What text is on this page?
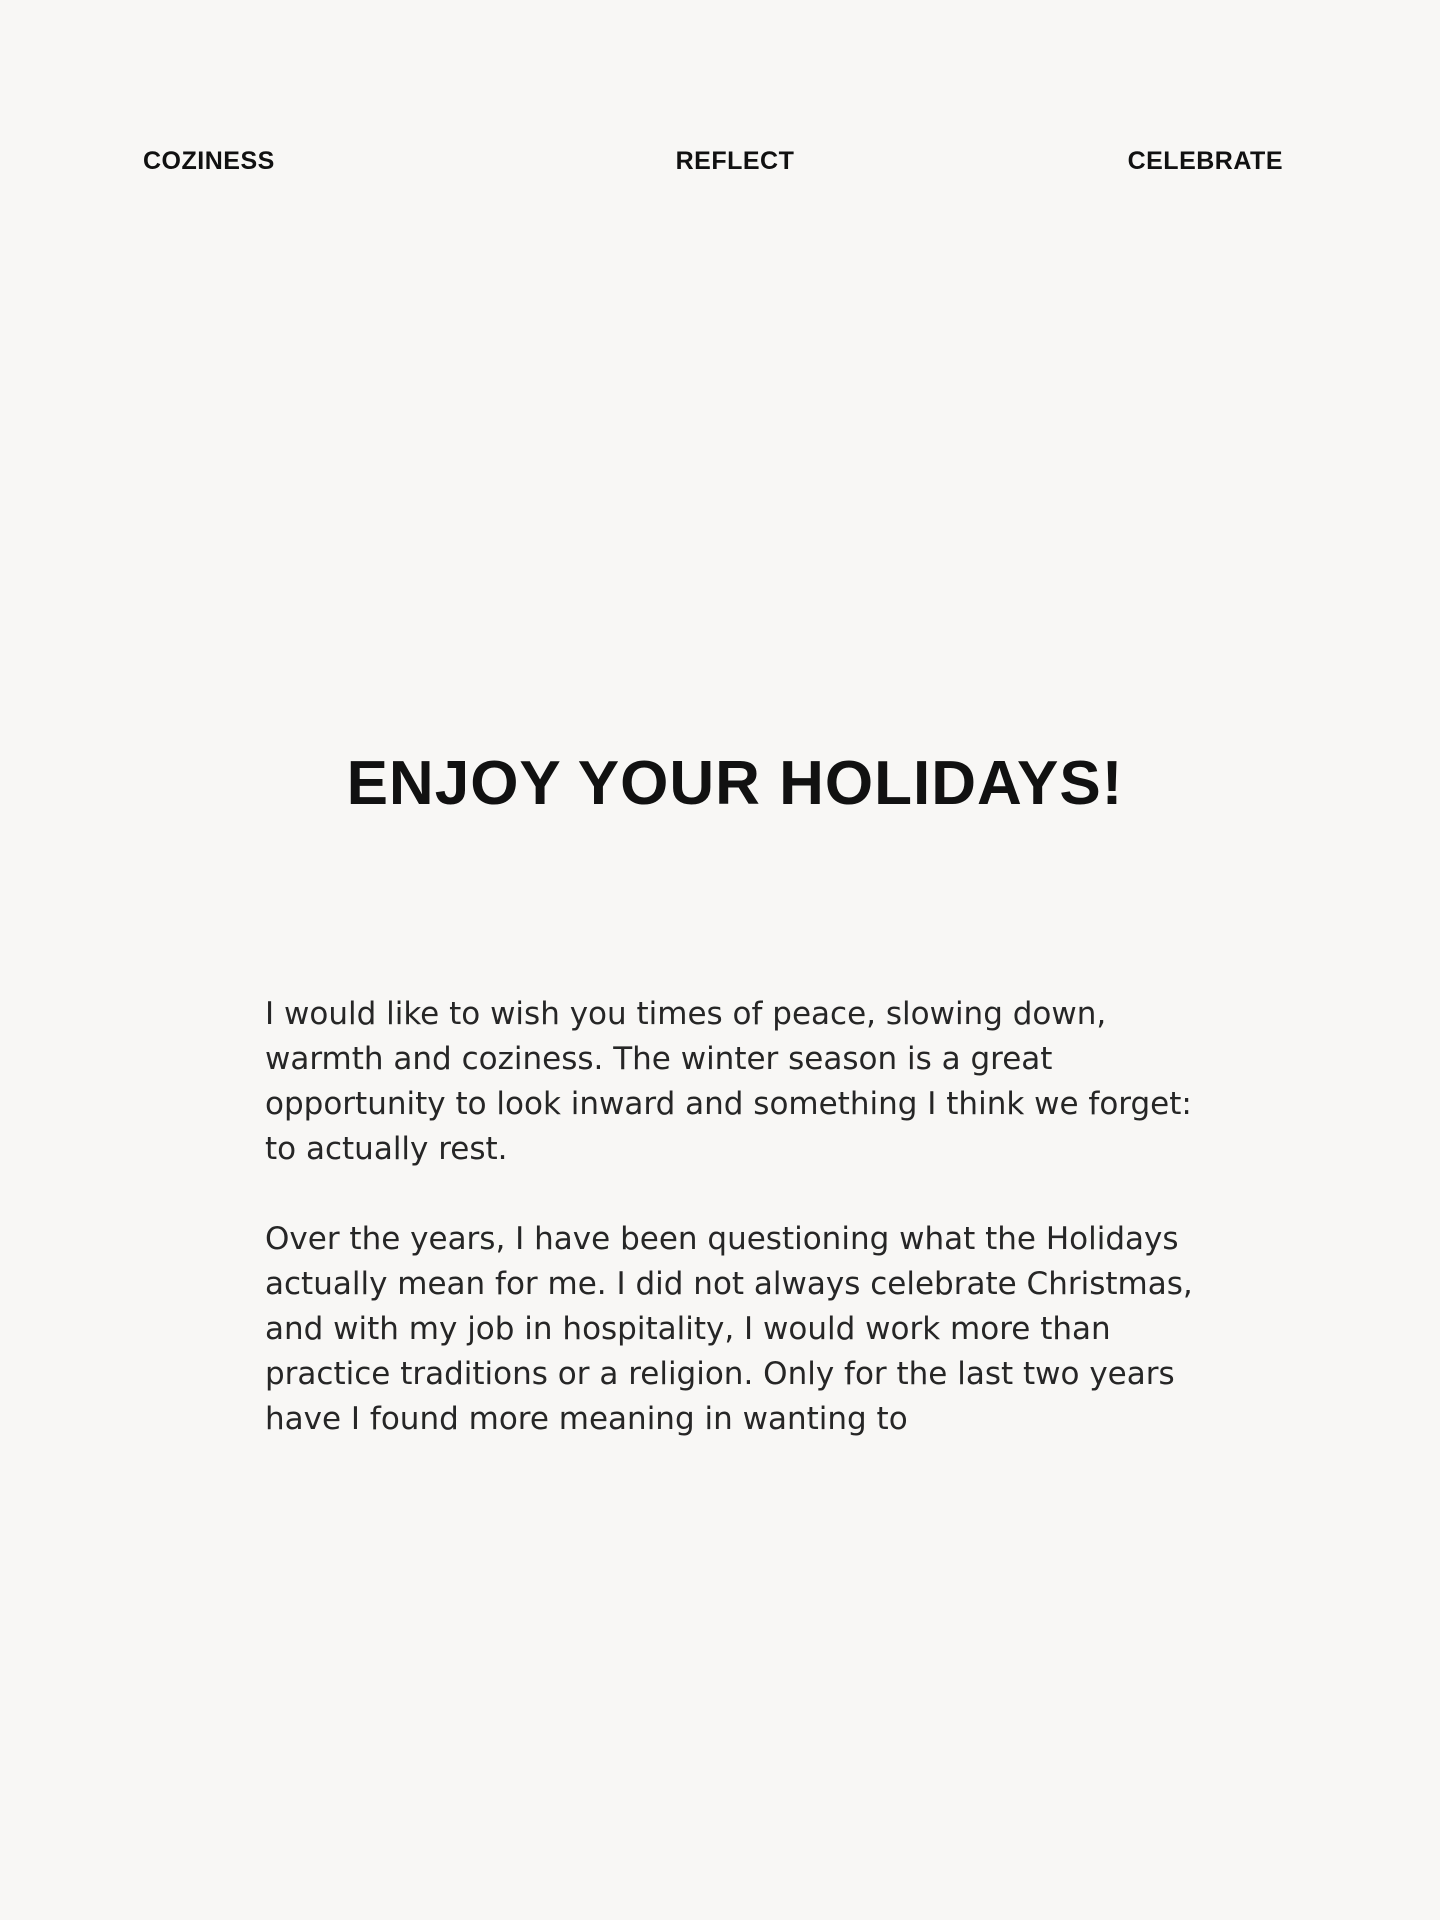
COZINESS	REFLECT	CELEBRATE
ENJOY YOUR HOLIDAYS!

I would like to wish you times of peace, slowing down, warmth and coziness. The winter season is a great opportunity to look inward and something I think we forget: to actually rest.

Over the years, I have been questioning what the Holidays actually mean for me. I did not always celebrate Christmas, and with my job in hospitality, I would work more than practice traditions or a religion. Only for the last two years have I found more meaning in wanting to
